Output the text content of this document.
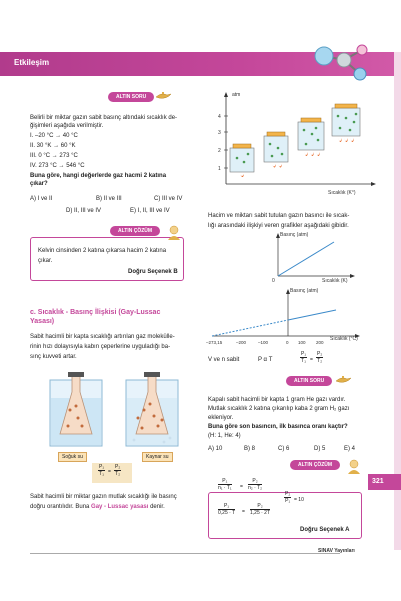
Etkileşim
ALTIN SORU
Belirli bir miktar gazın sabit basınç altındaki sıcaklık de-
ğişimleri aşağıda verilmiştir.
I. –20 °C → 40 °C
II. 30 °K → 60 °K
III. 0 °C → 273 °C
IV. 273 °C → 546 °C
Buna göre, hangi değerlerde gaz hacmi 2 katına
çıkar?
A) I ve II	B) II ve III	C) III ve IV
D) II, III ve IV	E) I, II, III ve IV
ALTIN ÇÖZÜM
Kelvin cinsinden 2 katına çıkarsa hacim 2 katına
çıkar.
Doğru Seçenek B
c. Sıcaklık - Basınç İlişkisi (Gay-Lussac
Yasası)
Sabit hacimli bir kapta sıcaklığı artırılan gaz molekülle-
rinin hızı dolayısıyla kabın çeperlerine uyguladığı ba-
sınç kuvveti artar.
Soğuk su	Kaynar su
$\frac{\text{P₁}}{\text{T₁}} = \frac{\text{P₂}}{\text{T₂}}$
Sabit hacimli bir miktar gazın mutlak sıcaklığı ile basınç
doğru orantılıdır. Buna Gay - Lussac yasası denir.
atm
4
3
2
1
Sıcaklık (K°)
Hacim ve miktarı sabit tutulan gazın basıncı ile sıcak-
lığı arasındaki ilişkiyi veren grafikler aşağıdaki gibidir.
Basınç (atm)
0	Sıcaklık (K)
Basınç (atm)
Sıcaklık (°C)
–273,15	–200	–100	0 100 200
V ve n sabit	P α T	$\frac{\text{P₁}}{\text{T₁}} = \frac{\text{P₂}}{\text{T₂}}$
ALTIN SORU
Kapalı sabit hacimli bir kapta 1 gram He gazı vardır.
Mutlak sıcaklık 2 katına çıkarılıp kaba 2 gram H₂ gazı
ekleniyor.
Buna göre son basıncın, ilk basınca oranı kaçtır?
(H: 1, He: 4)
A) 10	B) 8	C) 6	D) 5	E) 4
ALTIN ÇÖZÜM
$\frac{\text{P₁}}{\text{n₁ · T₁}} = \frac{\text{P₂}}{\text{n₂ · T₂}}$
$\frac{\text{P₂}}{\text{P₁}} = 10$
$\frac{\text{P₁}}{0,25 \cdot T} = \frac{\text{P₂}}{1,25 \cdot 2T}$
Doğru Seçenek A
321
SINAV Yayınları
